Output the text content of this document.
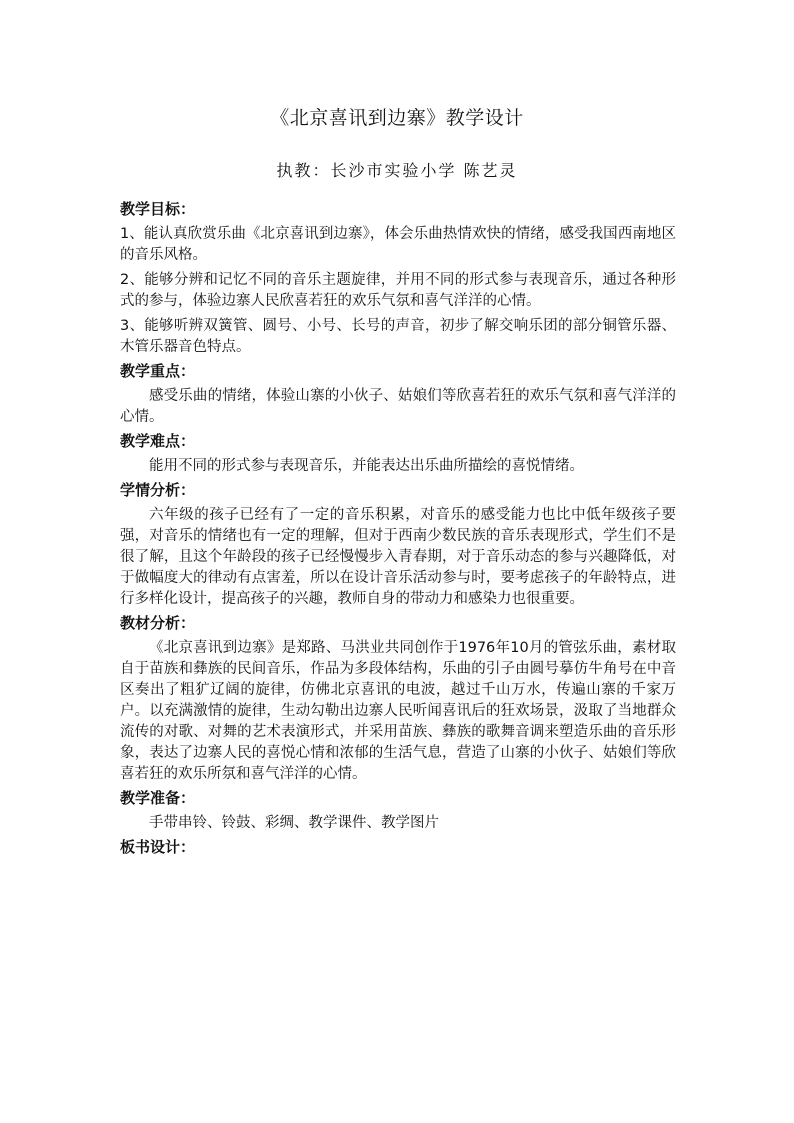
《北京喜讯到边寨》教学设计
执教：长沙市实验小学 陈艺灵
教学目标：
1、能认真欣赏乐曲《北京喜讯到边寨》，体会乐曲热情欢快的情绪，感受我国西南地区的音乐风格。
2、能够分辨和记忆不同的音乐主题旋律，并用不同的形式参与表现音乐，通过各种形式的参与，体验边寨人民欣喜若狂的欢乐气氛和喜气洋洋的心情。
3、能够听辨双簧管、圆号、小号、长号的声音，初步了解交响乐团的部分铜管乐器、木管乐器音色特点。
教学重点：
感受乐曲的情绪，体验山寨的小伙子、姑娘们等欣喜若狂的欢乐气氛和喜气洋洋的心情。
教学难点：
能用不同的形式参与表现音乐，并能表达出乐曲所描绘的喜悦情绪。
学情分析：
六年级的孩子已经有了一定的音乐积累，对音乐的感受能力也比中低年级孩子要强，对音乐的情绪也有一定的理解，但对于西南少数民族的音乐表现形式，学生们不是很了解，且这个年龄段的孩子已经慢慢步入青春期，对于音乐动态的参与兴趣降低，对于做幅度大的律动有点害羞，所以在设计音乐活动参与时，要考虑孩子的年龄特点，进行多样化设计，提高孩子的兴趣，教师自身的带动力和感染力也很重要。
教材分析：
《北京喜讯到边寨》是郑路、马洪业共同创作于1976年10月的管弦乐曲，素材取自于苗族和彝族的民间音乐，作品为多段体结构，乐曲的引子由圆号摹仿牛角号在中音区奏出了粗犷辽阔的旋律，仿佛北京喜讯的电波，越过千山万水，传遍山寨的千家万户。以充满激情的旋律，生动勾勒出边寨人民听闻喜讯后的狂欢场景，汲取了当地群众流传的对歌、对舞的艺术表演形式，并采用苗族、彝族的歌舞音调来塑造乐曲的音乐形象，表达了边寨人民的喜悦心情和浓郁的生活气息，营造了山寨的小伙子、姑娘们等欣喜若狂的欢乐所氛和喜气洋洋的心情。
教学准备：
手带串铃、铃鼓、彩绸、教学课件、教学图片
板书设计：
